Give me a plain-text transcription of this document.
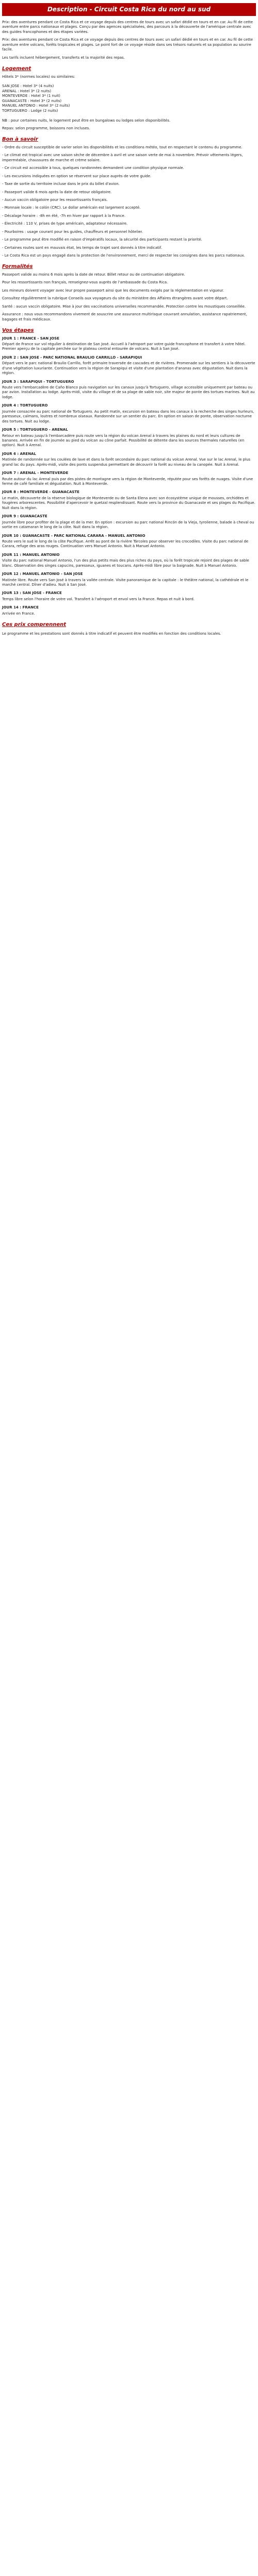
Description - Circuit Costa Rica du nord au sud

Prix: des aventures pendant ce Costa Rica et ce voyage depuis des centres de tours avec un safari dédié en tours et en car. Au fil de cette aventure entre parcs nationaux et plages. Conçu par des agences spécialisées, des parcours à la découverte de l'amérique centrale avec des guides francophones et des étapes variées.

Prix: des aventures pendant ce Costa Rica et ce voyage depuis des centres de tours avec un safari dédié en tours et en car. Au fil de cette aventure entre volcans, forêts tropicales et plages. Le point fort de ce voyage réside dans ses trésors naturels et sa population au sourire facile.

Les tarifs incluent hébergement, transferts et la majorité des repas.

Logement

Hôtels 3* (normes locales) ou similaires:

SAN JOSE : Hotel 3* (4 nuits)
ARENAL : Hotel 3* (2 nuits)
MONTEVERDE : Hotel 3* (1 nuit)
GUANACASTE : Hotel 3* (2 nuits)
MANUEL ANTONIO : Hotel 3* (2 nuits)
TORTUGUERO : Lodge (2 nuits)

NB : pour certaines nuits, le logement peut être en bungalows ou lodges selon disponibilités.

Repas: selon programme, boissons non incluses.

Bon à savoir

- Ordre du circuit susceptible de varier selon les disponibilités et les conditions météo, tout en respectant le contenu du programme.

- Le climat est tropical avec une saison sèche de décembre à avril et une saison verte de mai à novembre. Prévoir vêtements légers, imperméable, chaussures de marche et crème solaire.

- Ce circuit est accessible à tous, quelques randonnées demandent une condition physique normale.

- Les excursions indiquées en option se réservent sur place auprès de votre guide.

- Taxe de sortie du territoire incluse dans le prix du billet d'avion.

- Passeport valide 6 mois après la date de retour obligatoire.

- Aucun vaccin obligatoire pour les ressortissants français.

- Monnaie locale : le colón (CRC). Le dollar américain est largement accepté.

- Décalage horaire : -8h en été, -7h en hiver par rapport à la France.

- Électricité : 110 V, prises de type américain, adaptateur nécessaire.

- Pourboires : usage courant pour les guides, chauffeurs et personnel hôtelier.

- Le programme peut être modifié en raison d'impératifs locaux, la sécurité des participants restant la priorité.

- Certaines routes sont en mauvais état, les temps de trajet sont donnés à titre indicatif.

- Le Costa Rica est un pays engagé dans la protection de l'environnement, merci de respecter les consignes dans les parcs nationaux.

Formalités

Passeport valide au moins 6 mois après la date de retour. Billet retour ou de continuation obligatoire.

Pour les ressortissants non français, renseignez-vous auprès de l'ambassade du Costa Rica.

Les mineurs doivent voyager avec leur propre passeport ainsi que les documents exigés par la réglementation en vigueur.

Consultez régulièrement la rubrique Conseils aux voyageurs du site du ministère des Affaires étrangères avant votre départ.

Santé : aucun vaccin obligatoire. Mise à jour des vaccinations universelles recommandée. Protection contre les moustiques conseillée.

Assurance : nous vous recommandons vivement de souscrire une assurance multirisque couvrant annulation, assistance rapatriement, bagages et frais médicaux.

Vos étapes
JOUR 1 : FRANCE - SAN JOSE

Départ de France sur vol régulier à destination de San José. Accueil à l'aéroport par votre guide francophone et transfert à votre hôtel. Premier aperçu de la capitale perchée sur le plateau central entourée de volcans. Nuit à San José.

JOUR 2 : SAN JOSE - PARC NATIONAL BRAULIO CARRILLO - SARAPIQUI

Départ vers le parc national Braulio Carrillo, forêt primaire traversée de cascades et de rivières. Promenade sur les sentiers à la découverte d'une végétation luxuriante. Continuation vers la région de Sarapiqui et visite d'une plantation d'ananas avec dégustation. Nuit dans la région.

JOUR 3 : SARAPIQUI - TORTUGUERO

Route vers l'embarcadère de Caño Blanco puis navigation sur les canaux jusqu'à Tortuguero, village accessible uniquement par bateau ou par avion. Installation au lodge. Après-midi, visite du village et de sa plage de sable noir, site majeur de ponte des tortues marines. Nuit au lodge.

JOUR 4 : TORTUGUERO

Journée consacrée au parc national de Tortuguero. Au petit matin, excursion en bateau dans les canaux à la recherche des singes hurleurs, paresseux, caïmans, loutres et nombreux oiseaux. Randonnée sur un sentier du parc. En option en saison de ponte, observation nocturne des tortues. Nuit au lodge.

JOUR 5 : TORTUGUERO - ARENAL

Retour en bateau jusqu'à l'embarcadère puis route vers la région du volcan Arenal à travers les plaines du nord et leurs cultures de bananes. Arrivée en fin de journée au pied du volcan au cône parfait. Possibilité de détente dans les sources thermales naturelles (en option). Nuit à Arenal.

JOUR 6 : ARENAL

Matinée de randonnée sur les coulées de lave et dans la forêt secondaire du parc national du volcan Arenal. Vue sur le lac Arenal, le plus grand lac du pays. Après-midi, visite des ponts suspendus permettant de découvrir la forêt au niveau de la canopée. Nuit à Arenal.

JOUR 7 : ARENAL - MONTEVERDE

Route autour du lac Arenal puis par des pistes de montagne vers la région de Monteverde, réputée pour ses forêts de nuages. Visite d'une ferme de café familiale et dégustation. Nuit à Monteverde.

JOUR 8 : MONTEVERDE - GUANACASTE

Le matin, découverte de la réserve biologique de Monteverde ou de Santa Elena avec son écosystème unique de mousses, orchidées et fougères arborescentes. Possibilité d'apercevoir le quetzal resplendissant. Route vers la province du Guanacaste et ses plages du Pacifique. Nuit dans la région.

JOUR 9 : GUANACASTE

Journée libre pour profiter de la plage et de la mer. En option : excursion au parc national Rincón de la Vieja, tyrolienne, balade à cheval ou sortie en catamaran le long de la côte. Nuit dans la région.

JOUR 10 : GUANACASTE - PARC NATIONAL CARARA - MANUEL ANTONIO

Route vers le sud le long de la côte Pacifique. Arrêt au pont de la rivière Tárcoles pour observer les crocodiles. Visite du parc national de Carara, refuge des aras rouges. Continuation vers Manuel Antonio. Nuit à Manuel Antonio.

JOUR 11 : MANUEL ANTONIO

Visite du parc national Manuel Antonio, l'un des plus petits mais des plus riches du pays, où la forêt tropicale rejoint des plages de sable blanc. Observation des singes capucins, paresseux, iguanes et toucans. Après-midi libre pour la baignade. Nuit à Manuel Antonio.

JOUR 12 : MANUEL ANTONIO - SAN JOSE

Matinée libre. Route vers San José à travers la vallée centrale. Visite panoramique de la capitale : le théâtre national, la cathédrale et le marché central. Dîner d'adieu. Nuit à San José.

JOUR 13 : SAN JOSE - FRANCE

Temps libre selon l'horaire de votre vol. Transfert à l'aéroport et envol vers la France. Repas et nuit à bord.

JOUR 14 : FRANCE

Arrivée en France.

Ces prix comprennent

Le programme et les prestations sont donnés à titre indicatif et peuvent être modifiés en fonction des conditions locales.
